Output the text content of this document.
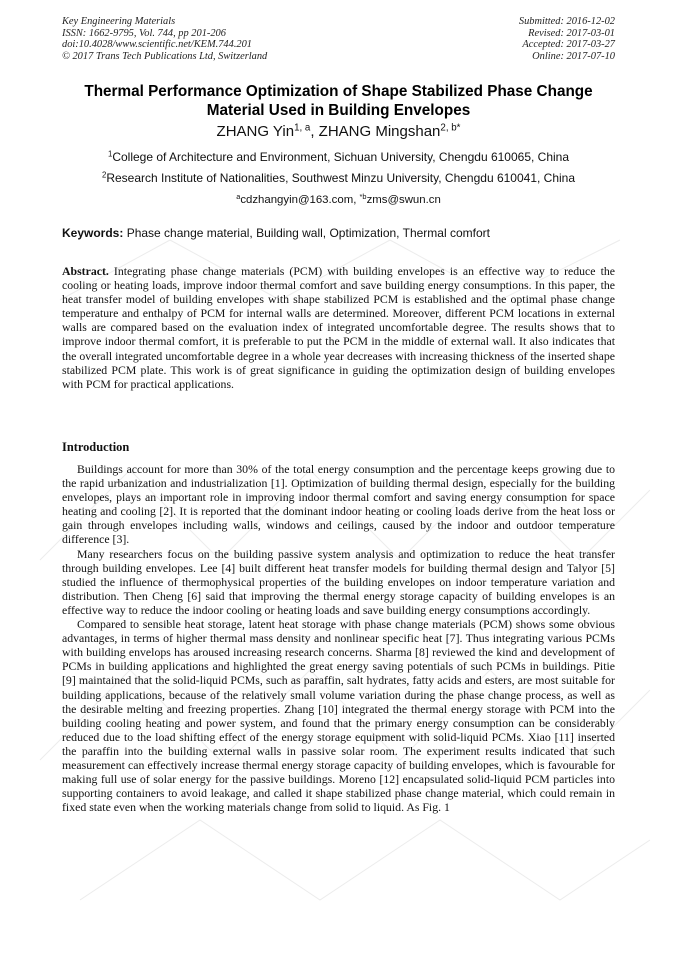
Key Engineering Materials
ISSN: 1662-9795, Vol. 744, pp 201-206
doi:10.4028/www.scientific.net/KEM.744.201
© 2017 Trans Tech Publications Ltd, Switzerland
Submitted: 2016-12-02
Revised: 2017-03-01
Accepted: 2017-03-27
Online: 2017-07-10
Thermal Performance Optimization of Shape Stabilized Phase Change
Material Used in Building Envelopes
ZHANG Yin$^{1, a}$, ZHANG Mingshan$^{2, b*}$
$^1$College of Architecture and Environment, Sichuan University, Chengdu 610065, China
$^2$Research Institute of Nationalities, Southwest Minzu University, Chengdu 610041, China
$^a$cdzhangyin@163.com, $^{*b}$zms@swun.cn
Keywords: Phase change material, Building wall, Optimization, Thermal comfort
Abstract. Integrating phase change materials (PCM) with building envelopes is an effective way to reduce the cooling or heating loads, improve indoor thermal comfort and save building energy consumptions. In this paper, the heat transfer model of building envelopes with shape stabilized PCM is established and the optimal phase change temperature and enthalpy of PCM for internal walls are determined. Moreover, different PCM locations in external walls are compared based on the evaluation index of integrated uncomfortable degree. The results shows that to improve indoor thermal comfort, it is preferable to put the PCM in the middle of external wall. It also indicates that the overall integrated uncomfortable degree in a whole year decreases with increasing thickness of the inserted shape stabilized PCM plate. This work is of great significance in guiding the optimization design of building envelopes with PCM for practical applications.
Introduction

Buildings account for more than 30% of the total energy consumption and the percentage keeps growing due to the rapid urbanization and industrialization [1]. Optimization of building thermal design, especially for the building envelopes, plays an important role in improving indoor thermal comfort and saving energy consumption for space heating and cooling [2]. It is reported that the dominant indoor heating or cooling loads derive from the heat loss or gain through envelopes including walls, windows and ceilings, caused by the indoor and outdoor temperature difference [3].

Many researchers focus on the building passive system analysis and optimization to reduce the heat transfer through building envelopes. Lee [4] built different heat transfer models for building thermal design and Talyor [5] studied the influence of thermophysical properties of the building envelopes on indoor temperature variation and distribution. Then Cheng [6] said that improving the thermal energy storage capacity of building envelopes is an effective way to reduce the indoor cooling or heating loads and save building energy consumptions accordingly.

Compared to sensible heat storage, latent heat storage with phase change materials (PCM) shows some obvious advantages, in terms of higher thermal mass density and nonlinear specific heat [7]. Thus integrating various PCMs with building envelops has aroused increasing research concerns. Sharma [8] reviewed the kind and development of PCMs in building applications and highlighted the great energy saving potentials of such PCMs in buildings. Pitie [9] maintained that the solid-liquid PCMs, such as paraffin, salt hydrates, fatty acids and esters, are most suitable for building applications, because of the relatively small volume variation during the phase change process, as well as the desirable melting and freezing properties. Zhang [10] integrated the thermal energy storage with PCM into the building cooling heating and power system, and found that the primary energy consumption can be considerably reduced due to the load shifting effect of the energy storage equipment with solid-liquid PCMs. Xiao [11] inserted the paraffin into the building external walls in passive solar room. The experiment results indicated that such measurement can effectively increase thermal energy storage capacity of building envelopes, which is favourable for making full use of solar energy for the passive buildings. Moreno [12] encapsulated solid-liquid PCM particles into supporting containers to avoid leakage, and called it shape stabilized phase change material, which could remain in fixed state even when the working materials change from solid to liquid. As Fig. 1
